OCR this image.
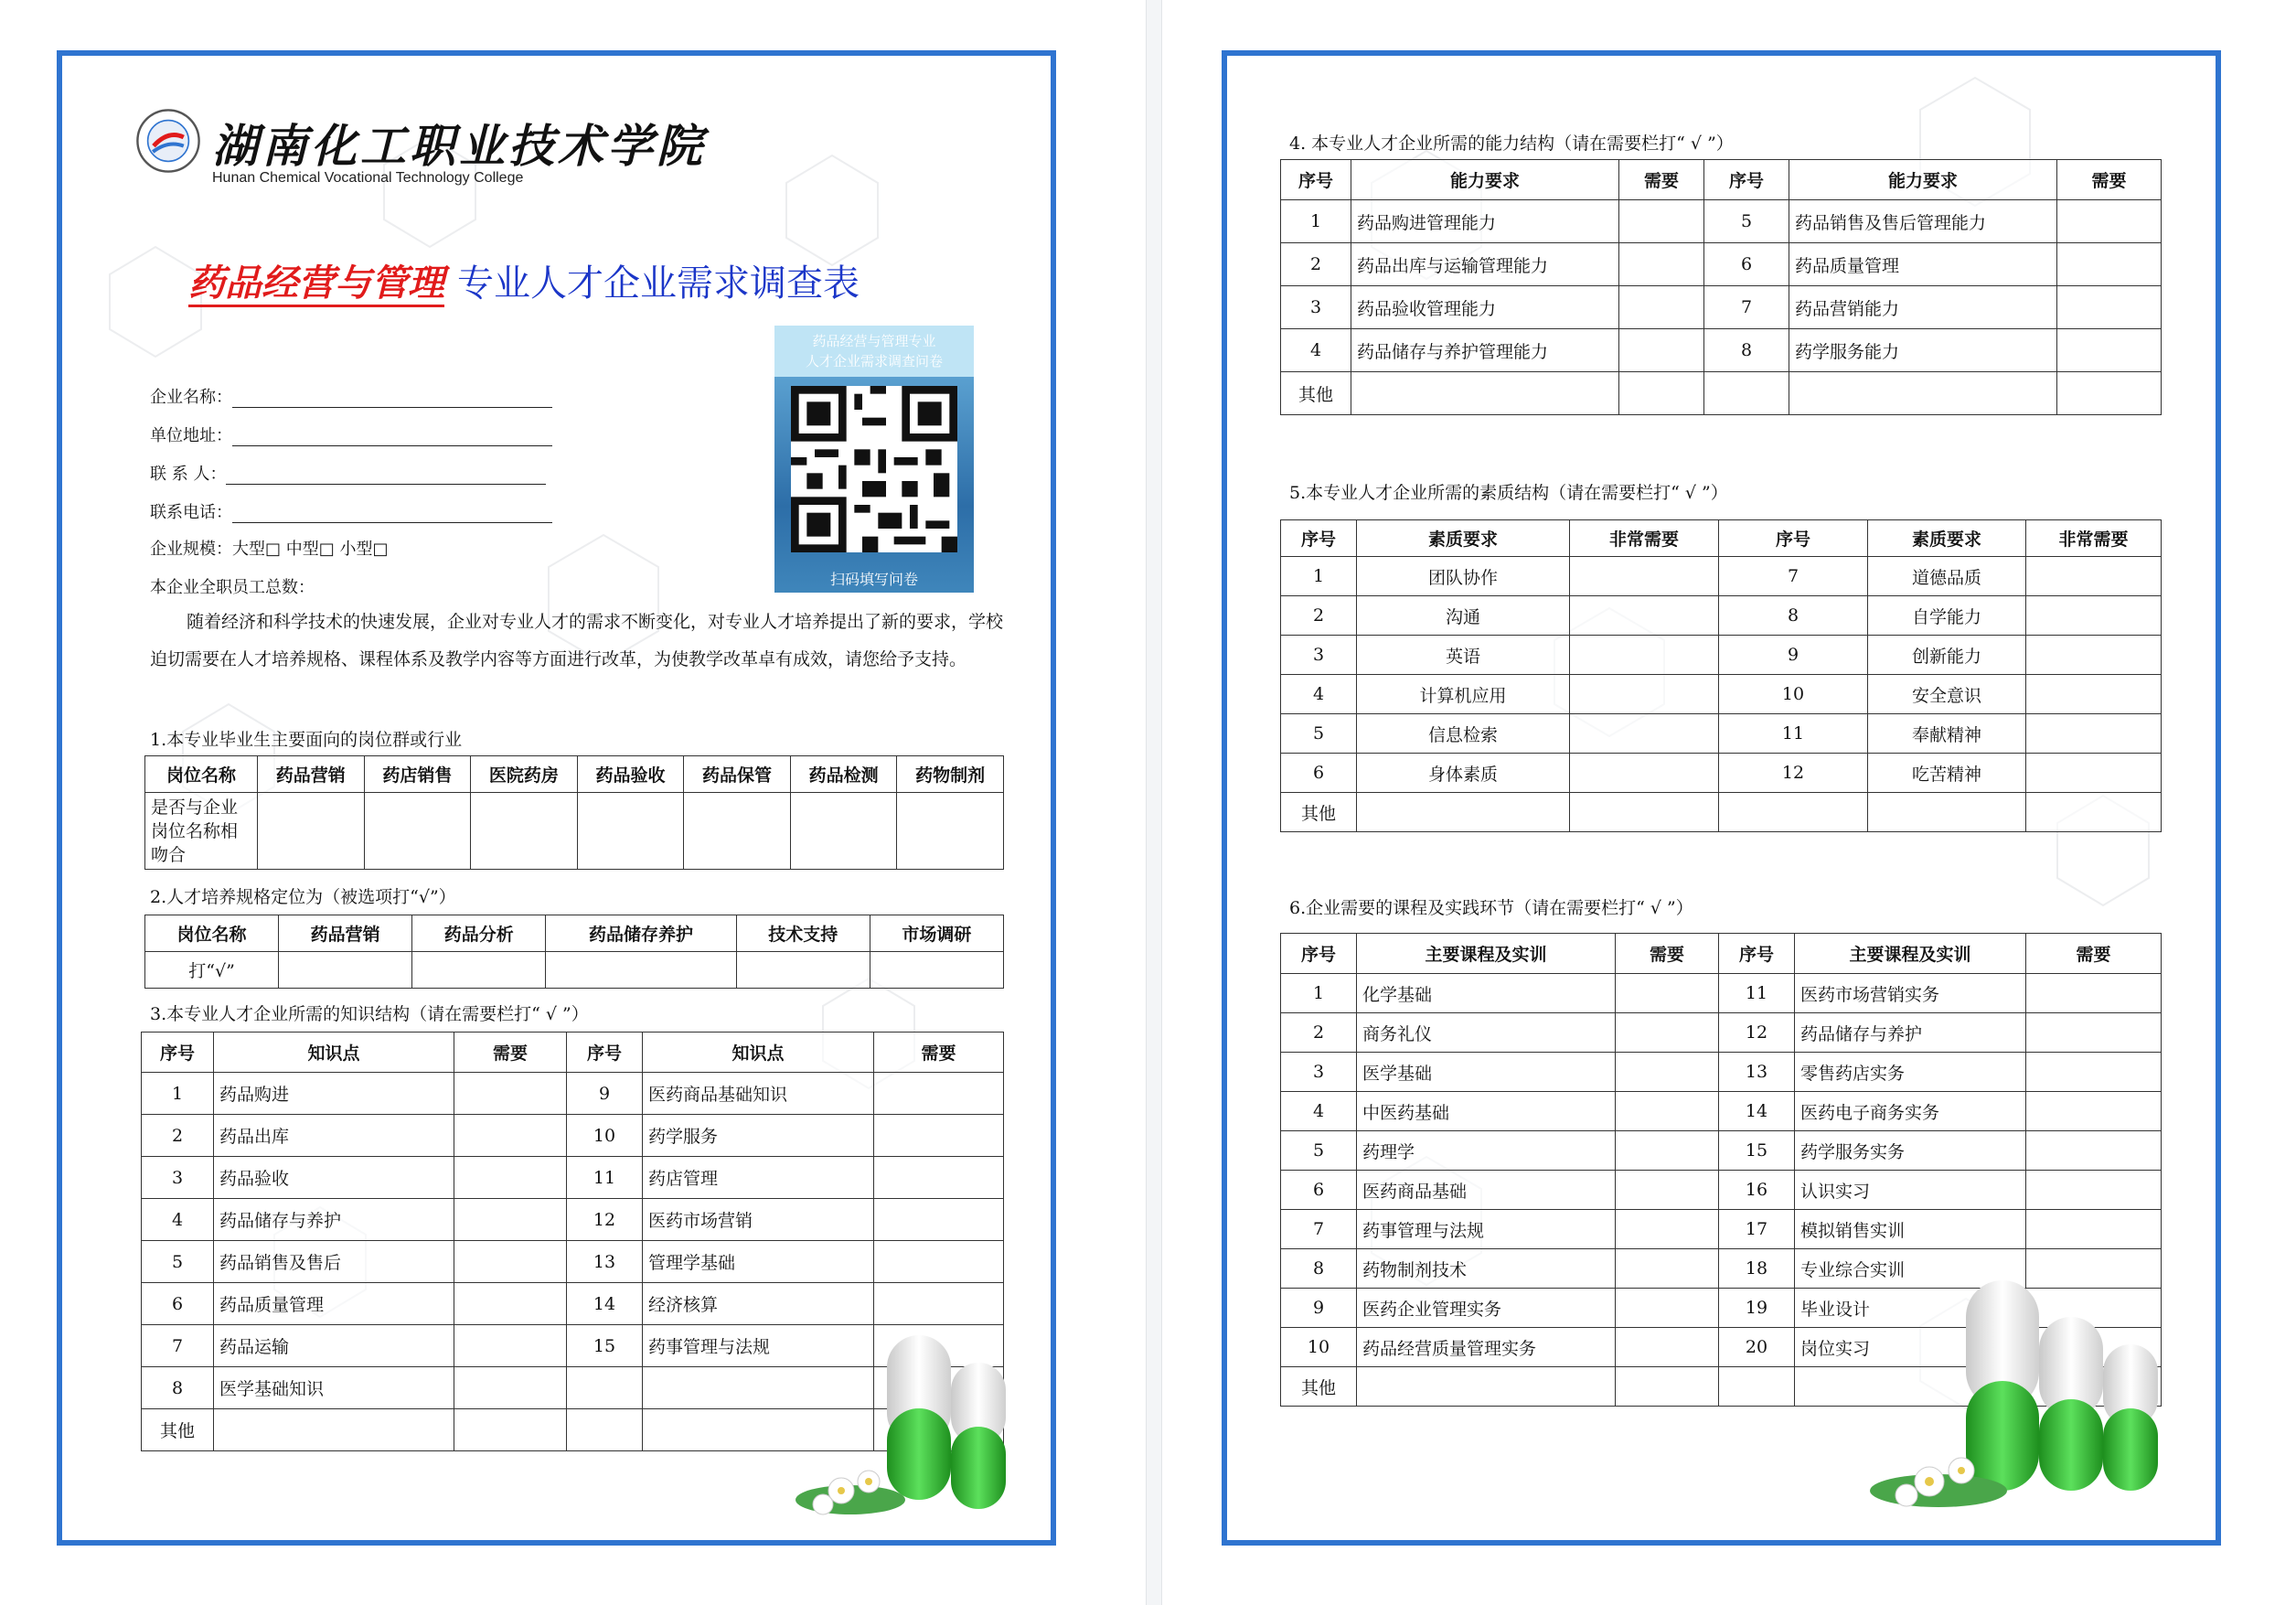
湖南化工职业技术学院
Hunan Chemical Vocational Technology College
药品经营与管理 专业人才企业需求调查表
药品经营与管理专业
人才企业需求调查问卷
扫码填写问卷
企业名称：
单位地址：
联 系 人：
联系电话：
企业规模：大型□ 中型□ 小型□
本企业全职员工总数：
随着经济和科学技术的快速发展，企业对专业人才的需求不断变化，对专业人才培养提出了新的要求，学校迫切需要在人才培养规格、课程体系及教学内容等方面进行改革，为使教学改革卓有成效，请您给予支持。
1.本专业毕业生主要面向的岗位群或行业
岗位名称	药品营销	药店销售	医院药房	药品验收	药品保管	药品检测	药物制剂
是否与企业岗位名称相吻合							
2.人才培养规格定位为（被选项打“√”）
岗位名称	药品营销	药品分析	药品储存养护	技术支持	市场调研
打“√”					
3.本专业人才企业所需的知识结构（请在需要栏打“ √ ”）
序号	知识点	需要	序号	知识点	需要
1	药品购进		9	医药商品基础知识	
2	药品出库		10	药学服务	
3	药品验收		11	药店管理	
4	药品储存与养护		12	医药市场营销	
5	药品销售及售后		13	管理学基础	
6	药品质量管理		14	经济核算	
7	药品运输		15	药事管理与法规	
8	医学基础知识				
其他					
4. 本专业人才企业所需的能力结构（请在需要栏打“ √ ”）
序号	能力要求	需要	序号	能力要求	需要
1	药品购进管理能力		5	药品销售及售后管理能力	
2	药品出库与运输管理能力		6	药品质量管理	
3	药品验收管理能力		7	药品营销能力	
4	药品储存与养护管理能力		8	药学服务能力	
其他					
5.本专业人才企业所需的素质结构（请在需要栏打“ √ ”）
序号	素质要求	非常需要	序号	素质要求	非常需要
1	团队协作		7	道德品质	
2	沟通		8	自学能力	
3	英语		9	创新能力	
4	计算机应用		10	安全意识	
5	信息检索		11	奉献精神	
6	身体素质		12	吃苦精神	
其他					
6.企业需要的课程及实践环节（请在需要栏打“ √ ”）
序号	主要课程及实训	需要	序号	主要课程及实训	需要
1	化学基础		11	医药市场营销实务	
2	商务礼仪		12	药品储存与养护	
3	医学基础		13	零售药店实务	
4	中医药基础		14	医药电子商务实务	
5	药理学		15	药学服务实务	
6	医药商品基础		16	认识实习	
7	药事管理与法规		17	模拟销售实训	
8	药物制剂技术		18	专业综合实训	
9	医药企业管理实务		19	毕业设计	
10	药品经营质量管理实务		20	岗位实习	
其他					
